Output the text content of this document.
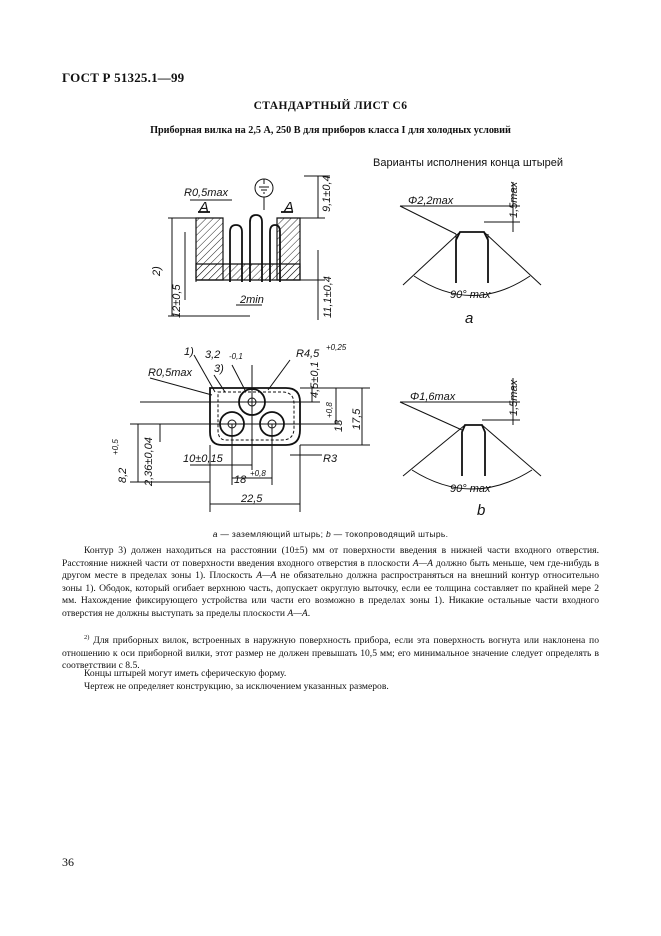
ГОСТ Р 51325.1—99
СТАНДАРТНЫЙ ЛИСТ С6
Приборная вилка на 2,5 А, 250 В для приборов класса I для холодных условий
Варианты исполнения конца штырей
R0,5max
A	A 9,1±0,4
2)
12±0,5	2min	11,1±0,4
1)
3)
3,2 -0,1	R4,5
+0,25
R0,5max	4,5±0,1
13
+0,8 17,5
8,2
+0,5 2,36±0,04	10±0,15	R3
18
+0,8
22,5
Φ2,2max	1,5max
90° max
a
Φ1,6max	1,5max
90° max
b
a — заземляющий штырь; b — токопроводящий штырь.
Контур 3) должен находиться на расстоянии (10±5) мм от поверхности введения в нижней части входного отверстия. Расстояние нижней части от поверхности введения входного отверстия в плоскости A—A должно быть меньше, чем где-нибудь в другом месте в пределах зоны 1). Плоскость A—A не обязательно должна распространяться на внешний контур относительно зоны 1). Ободок, который огибает верхнюю часть, допускает округлую выточку, если ее толщина составляет по крайней мере 2 мм. Нахождение фиксирующего устройства или части его возможно в пределах зоны 1). Никакие остальные части входного отверстия не должны выступать за пределы плоскости A—A.
$^{2)}$ Для приборных вилок, встроенных в наружную поверхность прибора, если эта поверхность вогнута или наклонена по отношению к оси приборной вилки, этот размер не должен превышать 10,5 мм; его минимальное значение следует определять в соответствии с 8.5.
Концы штырей могут иметь сферическую форму.
Чертеж не определяет конструкцию, за исключением указанных размеров.
36
